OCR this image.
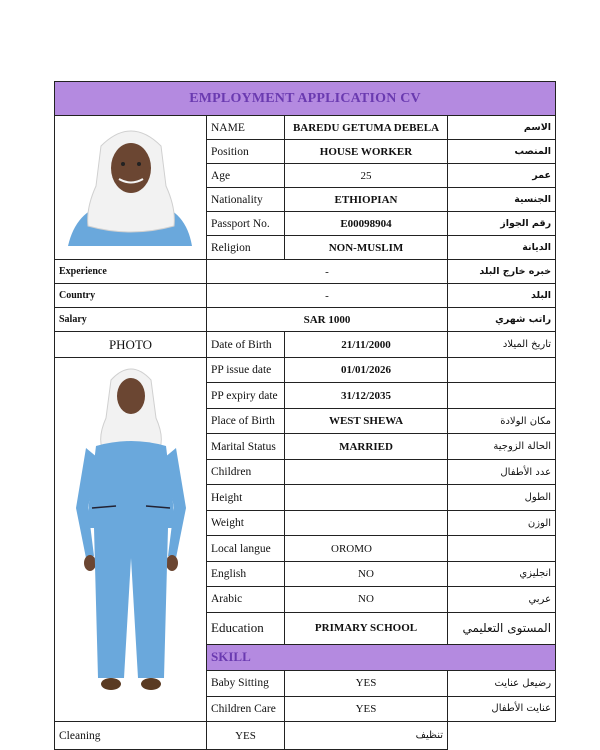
EMPLOYMENT APPLICATION CV			
	NAME	BAREDU GETUMA DEBELA	الاسم
	Position	HOUSE WORKER	المنصب
	Age	25	عمر
	Nationality	ETHIOPIAN	الجنسية
	Passport No.	E00098904	رقم الجواز
	Religion	NON-MUSLIM	الديانة
Experience	-		خبره خارج البلد
Country	-		البلد
Salary	SAR 1000		راتب شهري
PHOTO	Date of Birth	21/11/2000	تاريخ الميلاد
	PP issue date	01/01/2026	
	PP expiry date	31/12/2035	
	Place of Birth	WEST SHEWA	مكان الولادة
	Marital Status	MARRIED	الحالة الزوجية
	Children		عدد الأطفال
	Height		الطول
	Weight		الوزن
	Local langue	OROMO	
	English	NO	انجليزي
	Arabic	NO	عربي
	Education	PRIMARY SCHOOL	المستوى التعليمي
	SKILL		
	Baby Sitting	YES	رضيعل عنايت
	Children Care	YES	عنايت الأطفال
Cleaning	YES	تنظيف	
